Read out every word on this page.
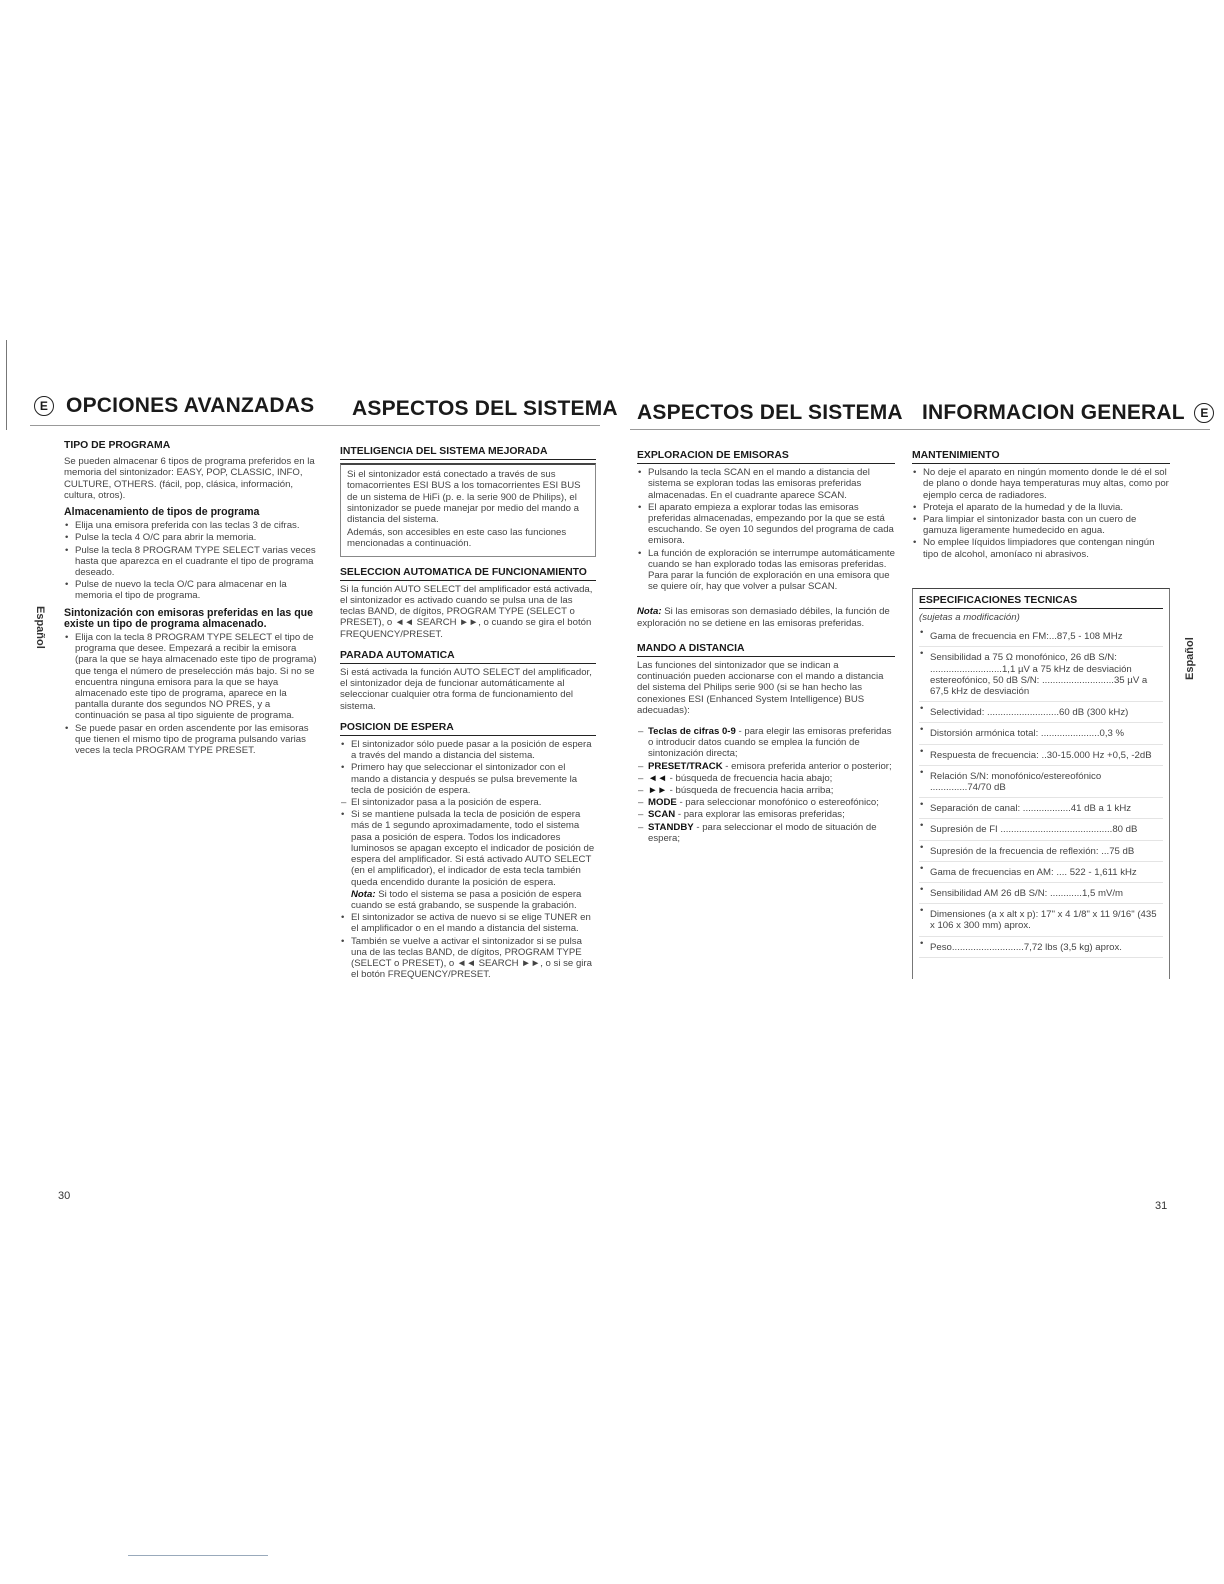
E OPCIONES AVANZADAS ASPECTOS DEL SISTEMA ASPECTOS DEL SISTEMA INFORMACION GENERAL E
Español
Español
TIPO DE PROGRAMA

Se pueden almacenar 6 tipos de programa preferidos en la memoria del sintonizador: EASY, POP, CLASSIC, INFO, CULTURE, OTHERS. (fácil, pop, clásica, información, cultura, otros).

Almacenamiento de tipos de programa
• Elija una emisora preferida con las teclas 3 de cifras.
• Pulse la tecla 4 O/C para abrir la memoria.
• Pulse la tecla 8 PROGRAM TYPE SELECT varias veces hasta que aparezca en el cuadrante el tipo de programa deseado.
• Pulse de nuevo la tecla O/C para almacenar en la memoria el tipo de programa.
Sintonización con emisoras preferidas en las que existe un tipo de programa almacenado.
• Elija con la tecla 8 PROGRAM TYPE SELECT el tipo de programa que desee. Empezará a recibir la emisora (para la que se haya almacenado este tipo de programa) que tenga el número de preselección más bajo. Si no se encuentra ninguna emisora para la que se haya almacenado este tipo de programa, aparece en la pantalla durante dos segundos NO PRES, y a continuación se pasa al tipo siguiente de programa.
• Se puede pasar en orden ascendente por las emisoras que tienen el mismo tipo de programa pulsando varias veces la tecla PROGRAM TYPE PRESET.
INTELIGENCIA DEL SISTEMA MEJORADA

Si el sintonizador está conectado a través de sus tomacorrientes ESI BUS a los tomacorrientes ESI BUS de un sistema de HiFi (p. e. la serie 900 de Philips), el sintonizador se puede manejar por medio del mando a distancia del sistema.

Además, son accesibles en este caso las funciones mencionadas a continuación.

SELECCION AUTOMATICA DE FUNCIONAMIENTO

Si la función AUTO SELECT del amplificador está activada, el sintonizador es activado cuando se pulsa una de las teclas BAND, de dígitos, PROGRAM TYPE (SELECT o PRESET), o ◄◄ SEARCH ►►, o cuando se gira el botón FREQUENCY/PRESET.

PARADA AUTOMATICA

Si está activada la función AUTO SELECT del amplificador, el sintonizador deja de funcionar automáticamente al seleccionar cualquier otra forma de funcionamiento del sistema.

POSICION DE ESPERA
• El sintonizador sólo puede pasar a la posición de espera a través del mando a distancia del sistema.
• Primero hay que seleccionar el sintonizador con el mando a distancia y después se pulsa brevemente la tecla de posición de espera.
– El sintonizador pasa a la posición de espera.
• Si se mantiene pulsada la tecla de posición de espera más de 1 segundo aproximadamente, todo el sistema pasa a posición de espera. Todos los indicadores luminosos se apagan excepto el indicador de posición de espera del amplificador. Si está activado AUTO SELECT (en el amplificador), el indicador de esta tecla también queda encendido durante la posición de espera.
Nota: Si todo el sistema se pasa a posición de espera cuando se está grabando, se suspende la grabación.
• El sintonizador se activa de nuevo si se elige TUNER en el amplificador o en el mando a distancia del sistema.
• También se vuelve a activar el sintonizador si se pulsa una de las teclas BAND, de dígitos, PROGRAM TYPE (SELECT o PRESET), o ◄◄ SEARCH ►►, o si se gira el botón FREQUENCY/PRESET.
EXPLORACION DE EMISORAS
• Pulsando la tecla SCAN en el mando a distancia del sistema se exploran todas las emisoras preferidas almacenadas. En el cuadrante aparece SCAN.
• El aparato empieza a explorar todas las emisoras preferidas almacenadas, empezando por la que se está escuchando. Se oyen 10 segundos del programa de cada emisora.
• La función de exploración se interrumpe automáticamente cuando se han explorado todas las emisoras preferidas. Para parar la función de exploración en una emisora que se quiere oír, hay que volver a pulsar SCAN.

Nota: Si las emisoras son demasiado débiles, la función de exploración no se detiene en las emisoras preferidas.

MANDO A DISTANCIA

Las funciones del sintonizador que se indican a continuación pueden accionarse con el mando a distancia del sistema del Philips serie 900 (si se han hecho las conexiones ESI (Enhanced System Intelligence) BUS adecuadas):

– Teclas de cifras 0-9 - para elegir las emisoras preferidas o introducir datos cuando se emplea la función de sintonización directa;
– PRESET/TRACK - emisora preferida anterior o posterior;
– ◄◄ - búsqueda de frecuencia hacia abajo;
– ►► - búsqueda de frecuencia hacia arriba;
– MODE - para seleccionar monofónico o estereofónico;
– SCAN - para explorar las emisoras preferidas;
– STANDBY - para seleccionar el modo de situación de espera;
MANTENIMIENTO
• No deje el aparato en ningún momento donde le dé el sol de plano o donde haya temperaturas muy altas, como por ejemplo cerca de radiadores.
• Proteja el aparato de la humedad y de la lluvia.
• Para limpiar el sintonizador basta con un cuero de gamuza ligeramente humedecido en agua.
• No emplee líquidos limpiadores que contengan ningún tipo de alcohol, amoníaco ni abrasivos.
ESPECIFICACIONES TECNICAS
(sujetas a modificación)
• Gama de frecuencia en FM:...87,5 - 108 MHz
• Sensibilidad a 75 Ω monofónico, 26 dB S/N: ...........................1,1 µV a 75 kHz de desviación estereofónico, 50 dB S/N: ...........................35 µV a 67,5 kHz de desviación
• Selectividad: ...........................60 dB (300 kHz)
• Distorsión armónica total: ......................0,3 %
• Respuesta de frecuencia: ..30-15.000 Hz +0,5, -2dB
• Relación S/N: monofónico/estereofónico ..............74/70 dB
• Separación de canal: ..................41 dB a 1 kHz
• Supresión de FI ..........................................80 dB
• Supresión de la frecuencia de reflexión: ...75 dB
• Gama de frecuencias en AM: .... 522 - 1,611 kHz
• Sensibilidad AM 26 dB S/N: ............1,5 mV/m
• Dimensiones (a x alt x p): 17" x 4 1/8" x 11 9/16" (435 x 106 x 300 mm) aprox.
• Peso...........................7,72 lbs (3,5 kg) aprox.
30
31
